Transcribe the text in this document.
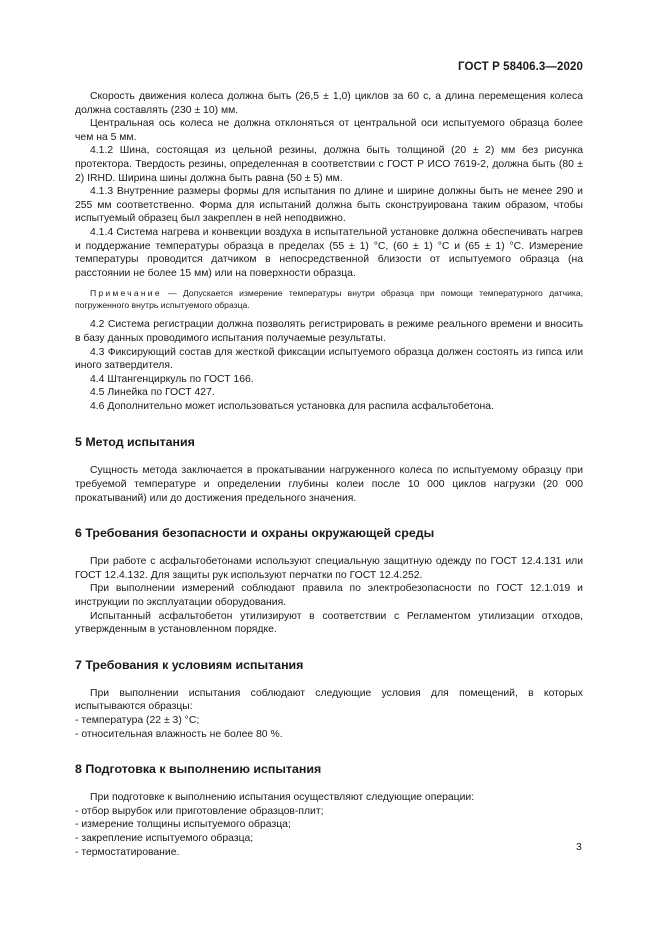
ГОСТ Р 58406.3—2020

Скорость движения колеса должна быть (26,5 ± 1,0) циклов за 60 с, а длина перемещения колеса должна составлять (230 ± 10) мм.

Центральная ось колеса не должна отклоняться от центральной оси испытуемого образца более чем на 5 мм.

4.1.2 Шина, состоящая из цельной резины, должна быть толщиной (20 ± 2) мм без рисунка протектора. Твердость резины, определенная в соответствии с ГОСТ Р ИСО 7619-2, должна быть (80 ± 2) IRHD. Ширина шины должна быть равна (50 ± 5) мм.

4.1.3 Внутренние размеры формы для испытания по длине и ширине должны быть не менее 290 и 255 мм соответственно. Форма для испытаний должна быть сконструирована таким образом, чтобы испытуемый образец был закреплен в ней неподвижно.

4.1.4 Система нагрева и конвекции воздуха в испытательной установке должна обеспечивать нагрев и поддержание температуры образца в пределах (55 ± 1) °С, (60 ± 1) °С и (65 ± 1) °С. Измерение температуры проводится датчиком в непосредственной близости от испытуемого образца (на расстоянии не более 15 мм) или на поверхности образца.

Примечание — Допускается измерение температуры внутри образца при помощи температурного датчика, погруженного внутрь испытуемого образца.

4.2 Система регистрации должна позволять регистрировать в режиме реального времени и вносить в базу данных проводимого испытания получаемые результаты.

4.3 Фиксирующий состав для жесткой фиксации испытуемого образца должен состоять из гипса или иного затвердителя.

4.4 Штангенциркуль по ГОСТ 166.

4.5 Линейка по ГОСТ 427.

4.6 Дополнительно может использоваться установка для распила асфальтобетона.

5 Метод испытания

Сущность метода заключается в прокатывании нагруженного колеса по испытуемому образцу при требуемой температуре и определении глубины колеи после 10 000 циклов нагрузки (20 000 прокатываний) или до достижения предельного значения.

6 Требования безопасности и охраны окружающей среды

При работе с асфальтобетонами используют специальную защитную одежду по ГОСТ 12.4.131 или ГОСТ 12.4.132. Для защиты рук используют перчатки по ГОСТ 12.4.252.

При выполнении измерений соблюдают правила по электробезопасности по ГОСТ 12.1.019 и инструкции по эксплуатации оборудования.

Испытанный асфальтобетон утилизируют в соответствии с Регламентом утилизации отходов, утвержденным в установленном порядке.

7 Требования к условиям испытания

При выполнении испытания соблюдают следующие условия для помещений, в которых испытываются образцы:

- температура (22 ± 3) °С;

- относительная влажность не более 80 %.

8 Подготовка к выполнению испытания

При подготовке к выполнению испытания осуществляют следующие операции:

- отбор вырубок или приготовление образцов-плит;

- измерение толщины испытуемого образца;

- закрепление испытуемого образца;

- термостатирование.	3
